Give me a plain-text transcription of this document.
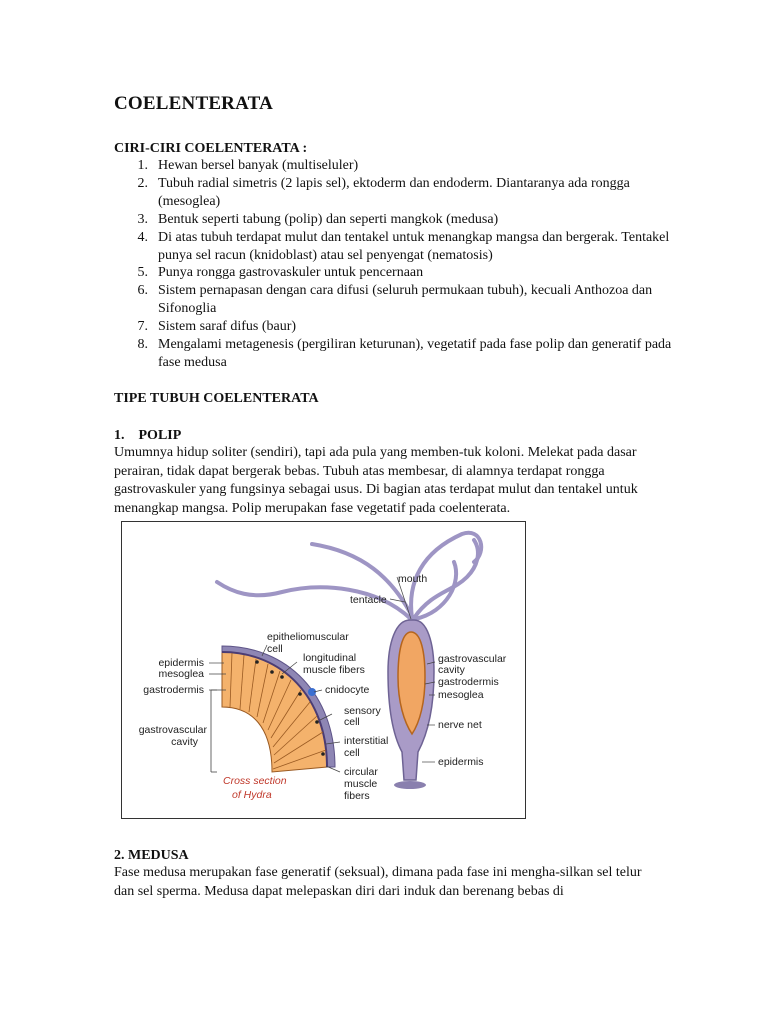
COELENTERATA

CIRI-CIRI COELENTERATA :

1. Hewan bersel banyak (multiseluler)
2. Tubuh radial simetris (2 lapis sel), ektoderm dan endoderm. Diantaranya ada rongga (mesoglea)
3. Bentuk seperti tabung (polip) dan seperti mangkok (medusa)
4. Di atas tubuh terdapat mulut dan tentakel untuk menangkap mangsa dan bergerak. Tentakel punya sel racun (knidoblast) atau sel penyengat (nematosis)
5. Punya rongga gastrovaskuler untuk pencernaan
6. Sistem pernapasan dengan cara difusi (seluruh permukaan tubuh), kecuali Anthozoa dan Sifonoglia
7. Sistem saraf difus (baur)
8. Mengalami metagenesis (pergiliran keturunan), vegetatif pada fase polip dan generatif pada fase medusa

TIPE TUBUH COELENTERATA

1.    POLIP

Umumnya hidup soliter (sendiri), tapi ada pula yang memben-tuk koloni. Melekat pada dasar perairan, tidak dapat bergerak bebas. Tubuh atas membesar, di alamnya terdapat rongga gastrovaskuler yang fungsinya sebagai usus. Di bagian atas terdapat mulut dan tentakel untuk menangkap mangsa. Polip merupakan fase vegetatif pada coelenterata.

mouth
tentacle
epitheliomuscular
cell
longitudinal
muscle fibers
epidermis
mesoglea
gastrodermis	cnidocyte
sensory
cell
gastrovascular
cavity	interstitial
cell
circular
muscle
fibers
gastrovascular
cavity
gastrodermis
mesoglea
nerve net
epidermis
Cross section
of Hydra

2. MEDUSA

Fase medusa merupakan fase generatif (seksual), dimana pada fase ini mengha-silkan sel telur dan sel sperma. Medusa dapat melepaskan diri dari induk dan berenang bebas di
